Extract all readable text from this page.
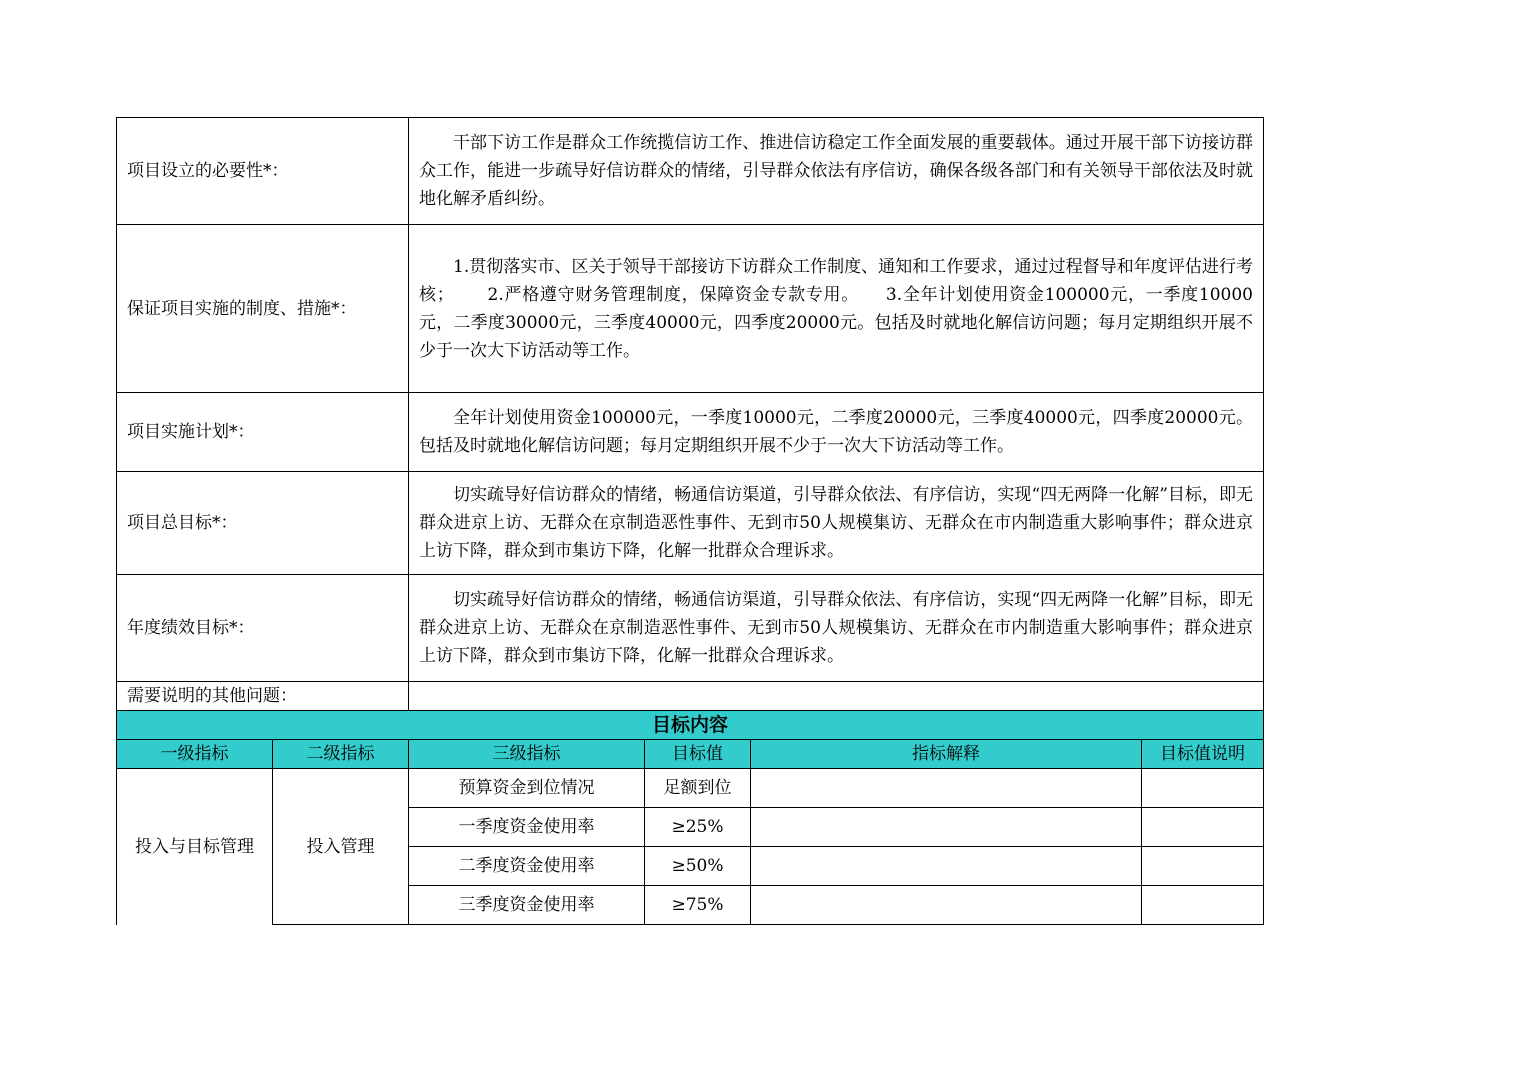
项目设立的必要性*：		干部下访工作是群众工作统揽信访工作、推进信访稳定工作全面发展的重要载体。通过开展干部下访接访群众工作，能进一步疏导好信访群众的情绪，引导群众依法有序信访，确保各级各部门和有关领导干部依法及时就地化解矛盾纠纷。			

保证项目实施的制度、措施*：		1.贯彻落实市、区关于领导干部接访下访群众工作制度、通知和工作要求，通过过程督导和年度评估进行考核；　　 2.严格遵守财务管理制度，保障资金专款专用。　　3.全年计划使用资金100000元，一季度10000元，二季度30000元，三季度40000元，四季度20000元。包括及时就地化解信访问题；每月定期组织开展不少于一次大下访活动等工作。			

项目实施计划*：		全年计划使用资金100000元，一季度10000元，二季度20000元，三季度40000元，四季度20000元。包括及时就地化解信访问题；每月定期组织开展不少于一次大下访活动等工作。			

项目总目标*：		切实疏导好信访群众的情绪，畅通信访渠道，引导群众依法、有序信访，实现“四无两降一化解”目标，即无群众进京上访、无群众在京制造恶性事件、无到市50人规模集访、无群众在市内制造重大影响事件；群众进京上访下降，群众到市集访下降，化解一批群众合理诉求。			

年度绩效目标*：		切实疏导好信访群众的情绪，畅通信访渠道，引导群众依法、有序信访，实现“四无两降一化解”目标，即无群众进京上访、无群众在京制造恶性事件、无到市50人规模集访、无群众在市内制造重大影响事件；群众进京上访下降，群众到市集访下降，化解一批群众合理诉求。			

需要说明的其他问题：					
目标内容					
一级指标	二级指标	三级指标	目标值	指标解释	目标值说明
投入与目标管理	投入管理	预算资金到位情况	足额到位		
		一季度资金使用率	≥25%		
		二季度资金使用率	≥50%		
		三季度资金使用率	≥75%		
